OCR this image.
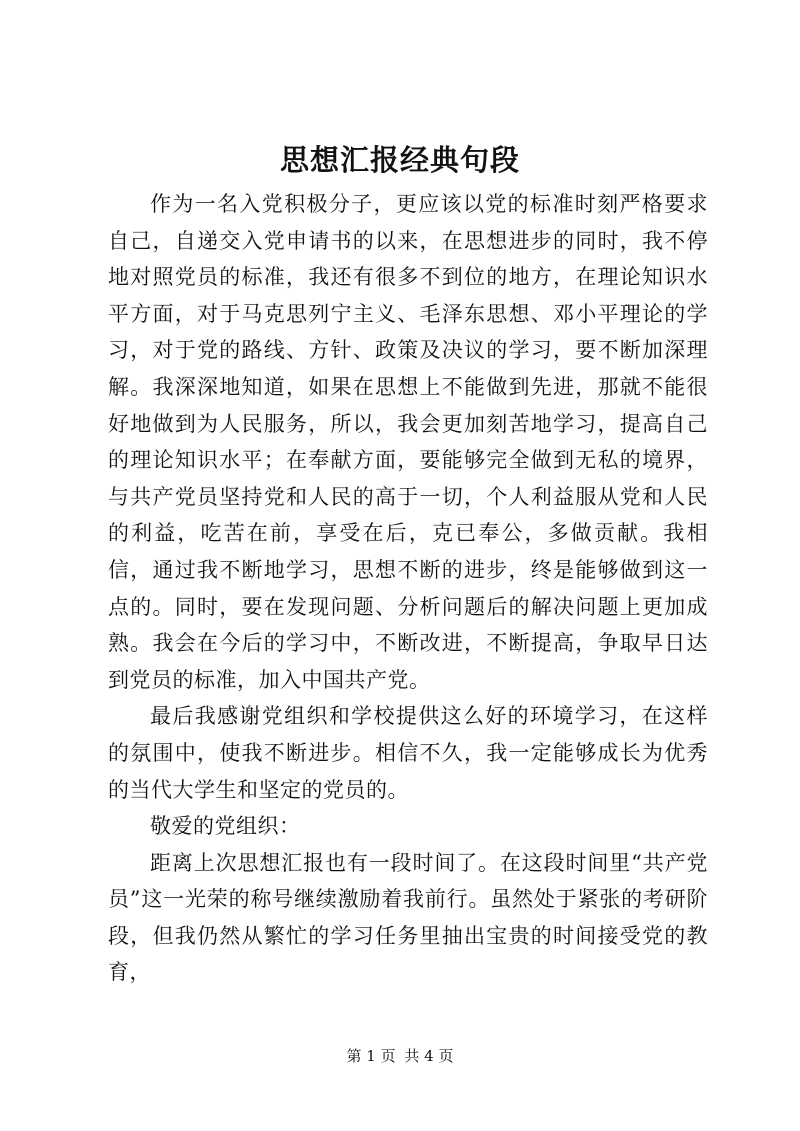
思想汇报经典句段

作为一名入党积极分子，更应该以党的标准时刻严格要求自己，自递交入党申请书的以来，在思想进步的同时，我不停地对照党员的标准，我还有很多不到位的地方，在理论知识水平方面，对于马克思列宁主义、毛泽东思想、邓小平理论的学习，对于党的路线、方针、政策及决议的学习，要不断加深理解。我深深地知道，如果在思想上不能做到先进，那就不能很好地做到为人民服务，所以，我会更加刻苦地学习，提高自己的理论知识水平；在奉献方面，要能够完全做到无私的境界，与共产党员坚持党和人民的高于一切，个人利益服从党和人民的利益，吃苦在前，享受在后，克已奉公，多做贡献。我相信，通过我不断地学习，思想不断的进步，终是能够做到这一点的。同时，要在发现问题、分析问题后的解决问题上更加成熟。我会在今后的学习中，不断改进，不断提高，争取早日达到党员的标准，加入中国共产党。

最后我感谢党组织和学校提供这么好的环境学习，在这样的氛围中，使我不断进步。相信不久，我一定能够成长为优秀的当代大学生和坚定的党员的。

敬爱的党组织：

距离上次思想汇报也有一段时间了。在这段时间里“共产党员”这一光荣的称号继续激励着我前行。虽然处于紧张的考研阶段，但我仍然从繁忙的学习任务里抽出宝贵的时间接受党的教育，

第 1 页 共 4 页
